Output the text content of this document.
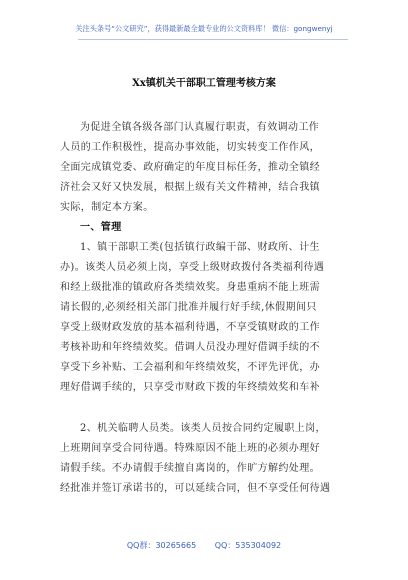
关注头条号“公文研究”，获得最新最全最专业的公文资料库！ 微信：gongwenyj
Xx镇机关干部职工管理考核方案
为促进全镇各级各部门认真履行职责，有效调动工作
人员的工作积极性，提高办事效能，切实转变工作作风，
全面完成镇党委、政府确定的年度目标任务，推动全镇经
济社会又好又快发展，根据上级有关文件精神，结合我镇
实际，制定本方案。
一、管理
1、镇干部职工类(包括镇行政编干部、财政所、计生
办)。该类人员必须上岗，享受上级财政拨付各类福利待遇
和经上级批准的镇政府各类绩效奖。身患重病不能上班需
请长假的,必须经相关部门批准并履行好手续,休假期间只
享受上级财政发放的基本福利待遇，不享受镇财政的工作
考核补助和年终绩效奖。借调人员没办理好借调手续的不
享受下乡补贴、工会福利和年终绩效奖，不评先评优，办
理好借调手续的，只享受市财政下拨的年终绩效奖和车补
2、机关临聘人员类。该类人员按合同约定履职上岗，
上班期间享受合同待遇。特殊原因不能上班的必须办理好
请假手续。不办请假手续擅自离岗的，作旷方解约处理。
经批准并签订承诺书的，可以延续合同，但不享受任何待遇
QQ群：30265665 QQ：535304092
